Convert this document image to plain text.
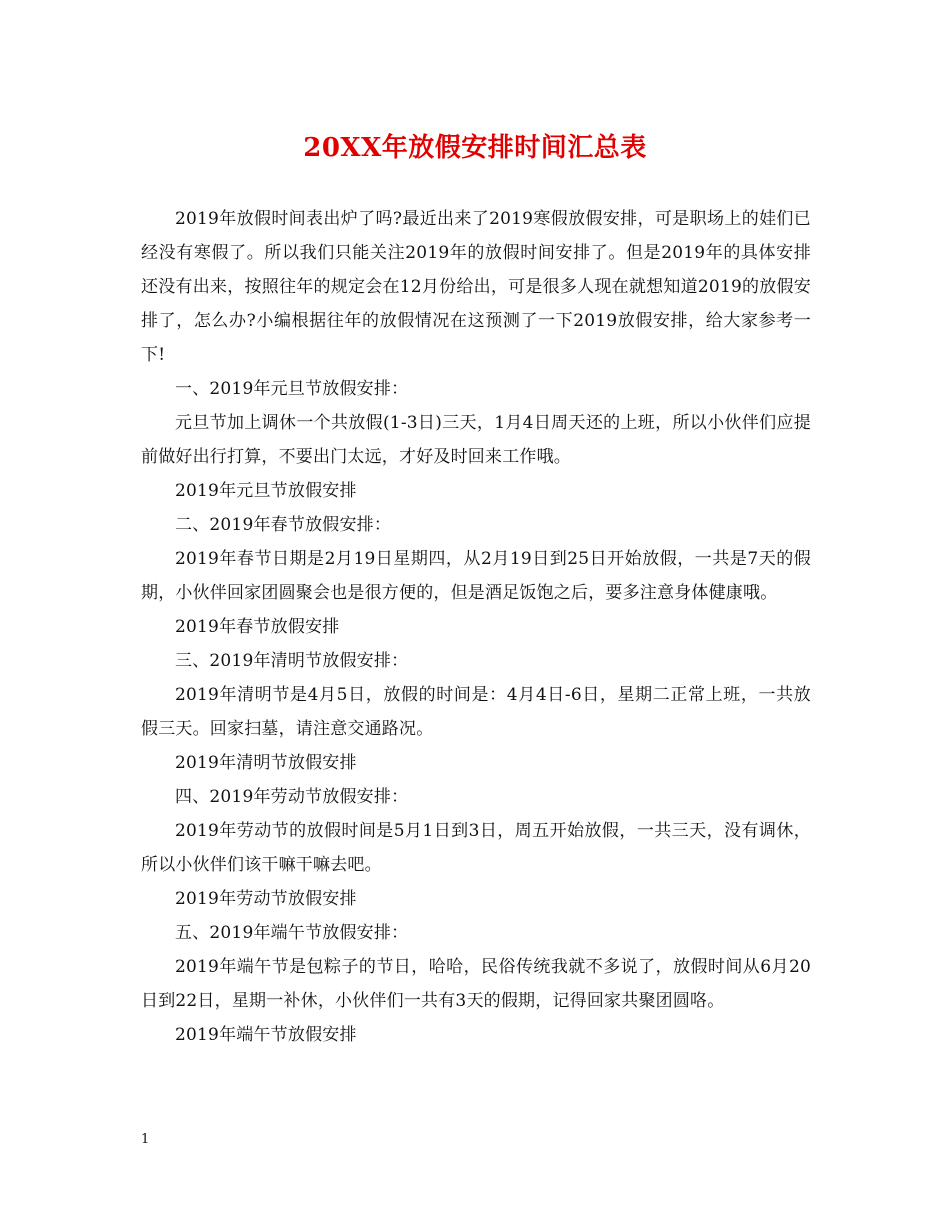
20XX年放假安排时间汇总表

2019年放假时间表出炉了吗?最近出来了2019寒假放假安排，可是职场上的娃们已经没有寒假了。所以我们只能关注2019年的放假时间安排了。但是2019年的具体安排还没有出来，按照往年的规定会在12月份给出，可是很多人现在就想知道2019的放假安排了，怎么办?小编根据往年的放假情况在这预测了一下2019放假安排，给大家参考一下!

一、2019年元旦节放假安排：

元旦节加上调休一个共放假(1-3日)三天，1月4日周天还的上班，所以小伙伴们应提前做好出行打算，不要出门太远，才好及时回来工作哦。

2019年元旦节放假安排

二、2019年春节放假安排：

2019年春节日期是2月19日星期四，从2月19日到25日开始放假，一共是7天的假期，小伙伴回家团圆聚会也是很方便的，但是酒足饭饱之后，要多注意身体健康哦。

2019年春节放假安排

三、2019年清明节放假安排：

2019年清明节是4月5日，放假的时间是：4月4日-6日，星期二正常上班，一共放假三天。回家扫墓，请注意交通路况。

2019年清明节放假安排

四、2019年劳动节放假安排：

2019年劳动节的放假时间是5月1日到3日，周五开始放假，一共三天，没有调休，所以小伙伴们该干嘛干嘛去吧。

2019年劳动节放假安排

五、2019年端午节放假安排：

2019年端午节是包粽子的节日，哈哈，民俗传统我就不多说了，放假时间从6月20日到22日，星期一补休，小伙伴们一共有3天的假期，记得回家共聚团圆咯。

2019年端午节放假安排

1
